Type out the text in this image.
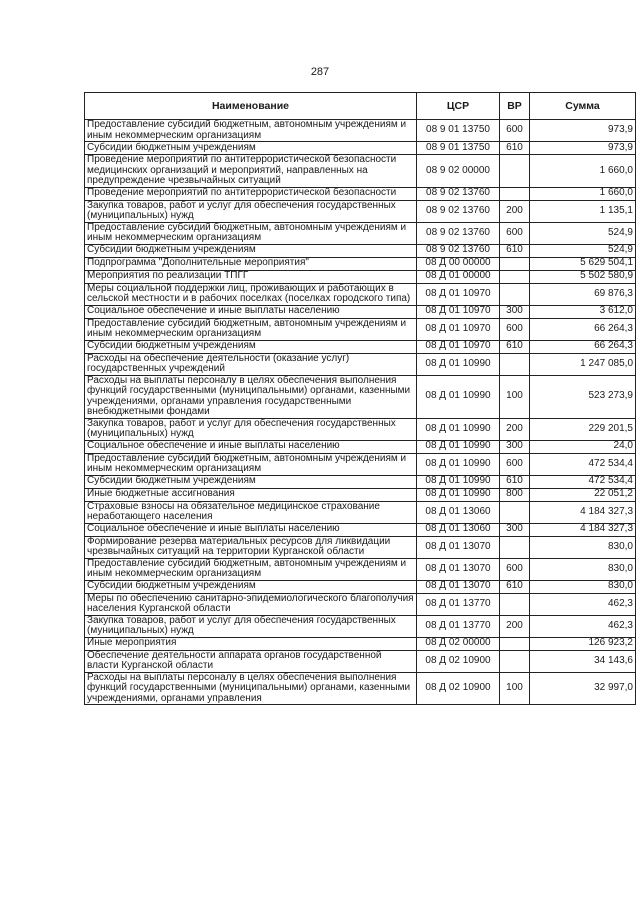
287
Наименование	ЦСР	ВР	Сумма
Предоставление субсидий бюджетным, автономным учреждениям и иным некоммерческим организациям	08 9 01 13750	600	973,9
Субсидии бюджетным учреждениям	08 9 01 13750	610	973,9
Проведение мероприятий по антитеррористической безопасности медицинских организаций и мероприятий, направленных на предупреждение чрезвычайных ситуаций	08 9 02 00000		1 660,0
Проведение мероприятий по антитеррористической безопасности	08 9 02 13760		1 660,0
Закупка товаров, работ и услуг для обеспечения государственных (муниципальных) нужд	08 9 02 13760	200	1 135,1
Предоставление субсидий бюджетным, автономным учреждениям и иным некоммерческим организациям	08 9 02 13760	600	524,9
Субсидии бюджетным учреждениям	08 9 02 13760	610	524,9
Подпрограмма "Дополнительные мероприятия"	08 Д 00 00000		5 629 504,1
Мероприятия по реализации ТПГГ	08 Д 01 00000		5 502 580,9
Меры социальной поддержки лиц, проживающих и работающих в сельской местности и в рабочих поселках (поселках городского типа)	08 Д 01 10970		69 876,3
Социальное обеспечение и иные выплаты населению	08 Д 01 10970	300	3 612,0
Предоставление субсидий бюджетным, автономным учреждениям и иным некоммерческим организациям	08 Д 01 10970	600	66 264,3
Субсидии бюджетным учреждениям	08 Д 01 10970	610	66 264,3
Расходы на обеспечение деятельности (оказание услуг) государственных учреждений	08 Д 01 10990		1 247 085,0
Расходы на выплаты персоналу в целях обеспечения выполнения функций государственными (муниципальными) органами, казенными учреждениями, органами управления государственными внебюджетными фондами	08 Д 01 10990	100	523 273,9
Закупка товаров, работ и услуг для обеспечения государственных (муниципальных) нужд	08 Д 01 10990	200	229 201,5
Социальное обеспечение и иные выплаты населению	08 Д 01 10990	300	24,0
Предоставление субсидий бюджетным, автономным учреждениям и иным некоммерческим организациям	08 Д 01 10990	600	472 534,4
Субсидии бюджетным учреждениям	08 Д 01 10990	610	472 534,4
Иные бюджетные ассигнования	08 Д 01 10990	800	22 051,2
Страховые взносы на обязательное медицинское страхование неработающего населения	08 Д 01 13060		4 184 327,3
Социальное обеспечение и иные выплаты населению	08 Д 01 13060	300	4 184 327,3
Формирование резерва материальных ресурсов для ликвидации чрезвычайных ситуаций на территории Курганской области	08 Д 01 13070		830,0
Предоставление субсидий бюджетным, автономным учреждениям и иным некоммерческим организациям	08 Д 01 13070	600	830,0
Субсидии бюджетным учреждениям	08 Д 01 13070	610	830,0
Меры по обеспечению санитарно-эпидемиологического благополучия населения Курганской области	08 Д 01 13770		462,3
Закупка товаров, работ и услуг для обеспечения государственных (муниципальных) нужд	08 Д 01 13770	200	462,3
Иные мероприятия	08 Д 02 00000		126 923,2
Обеспечение деятельности аппарата органов государственной власти Курганской области	08 Д 02 10900		34 143,6
Расходы на выплаты персоналу в целях обеспечения выполнения функций государственными (муниципальными) органами, казенными учреждениями, органами управления	08 Д 02 10900	100	32 997,0
